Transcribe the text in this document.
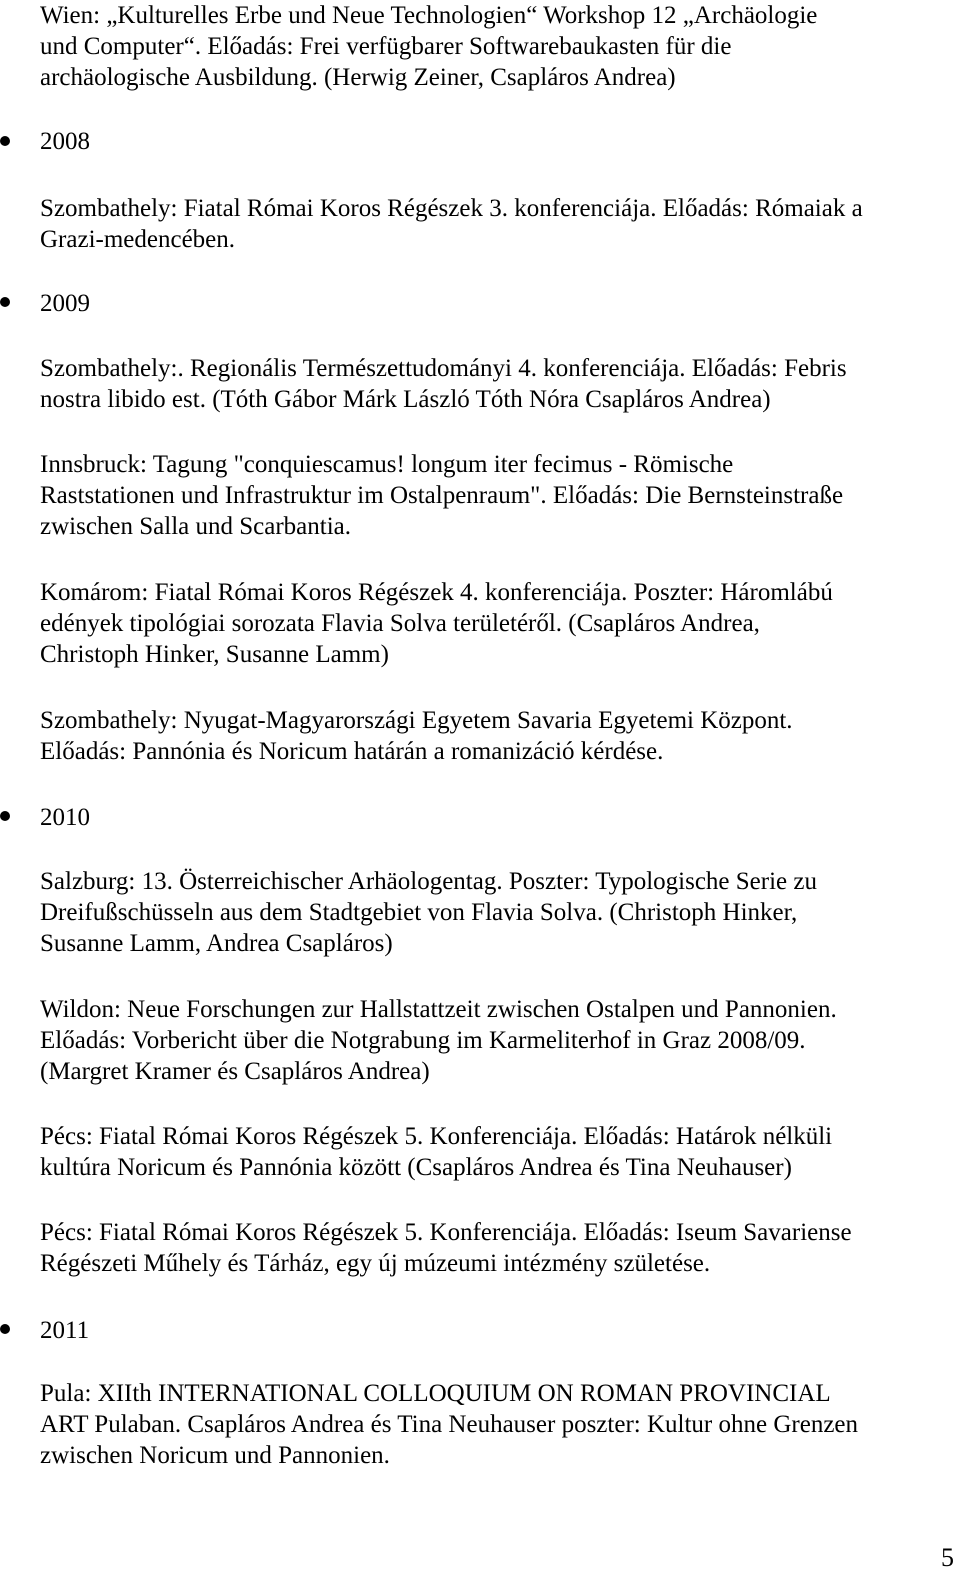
Wien: „Kulturelles Erbe und Neue Technologien“ Workshop 12 „Archäologie
und Computer“. Előadás: Frei verfügbarer Softwarebaukasten für die
archäologische Ausbildung. (Herwig Zeiner, Csapláros Andrea)

2008

Szombathely: Fiatal Római Koros Régészek 3. konferenciája. Előadás: Rómaiak a
Grazi-medencében.

2009

Szombathely:. Regionális Természettudományi 4. konferenciája. Előadás: Febris
nostra libido est. (Tóth Gábor Márk László Tóth Nóra Csapláros Andrea)

Innsbruck: Tagung "conquiescamus! longum iter fecimus - Römische
Raststationen und Infrastruktur im Ostalpenraum". Előadás: Die Bernsteinstraße
zwischen Salla und Scarbantia.

Komárom: Fiatal Római Koros Régészek 4. konferenciája. Poszter: Háromlábú
edények tipológiai sorozata Flavia Solva területéről. (Csapláros Andrea,
Christoph Hinker, Susanne Lamm)

Szombathely: Nyugat-Magyarországi Egyetem Savaria Egyetemi Központ.
Előadás: Pannónia és Noricum határán a romanizáció kérdése.

2010

Salzburg: 13. Österreichischer Arhäologentag. Poszter: Typologische Serie zu
Dreifußschüsseln aus dem Stadtgebiet von Flavia Solva. (Christoph Hinker,
Susanne Lamm, Andrea Csapláros)

Wildon: Neue Forschungen zur Hallstattzeit zwischen Ostalpen und Pannonien.
Előadás: Vorbericht über die Notgrabung im Karmeliterhof in Graz 2008/09.
(Margret Kramer és Csapláros Andrea)

Pécs: Fiatal Római Koros Régészek 5. Konferenciája. Előadás: Határok nélküli
kultúra Noricum és Pannónia között (Csapláros Andrea és Tina Neuhauser)

Pécs: Fiatal Római Koros Régészek 5. Konferenciája. Előadás: Iseum Savariense
Régészeti Műhely és Tárház, egy új múzeumi intézmény születése.

2011

Pula: XIIth INTERNATIONAL COLLOQUIUM ON ROMAN PROVINCIAL
ART Pulaban. Csapláros Andrea és Tina Neuhauser poszter: Kultur ohne Grenzen
zwischen Noricum und Pannonien.

5
